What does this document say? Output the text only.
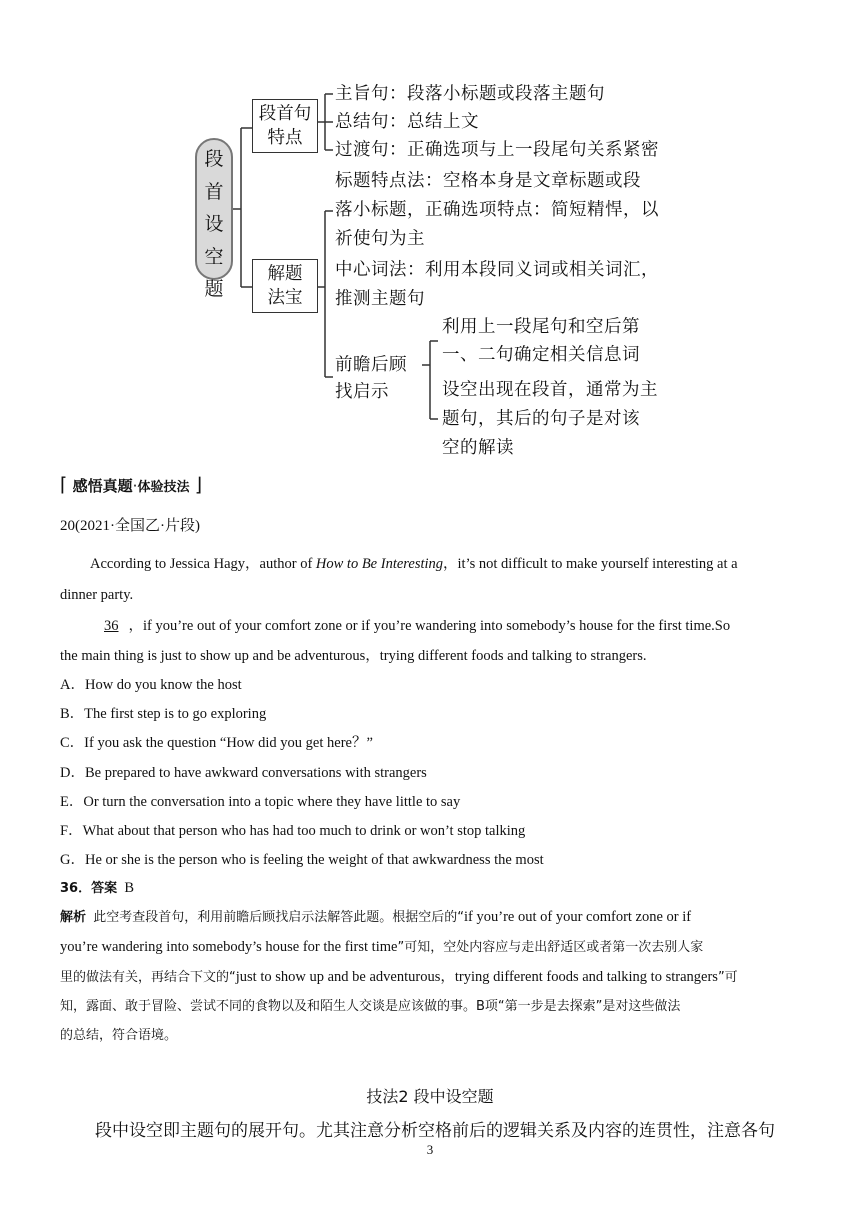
段
首
设
空
题
段首句
特点
主旨句：段落小标题或段落主题句
总结句：总结上文
过渡句：正确选项与上一段尾句关系紧密
解题
法宝
标题特点法：空格本身是文章标题或段
落小标题，正确选项特点：简短精悍，以
祈使句为主
中心词法：利用本段同义词或相关词汇，
推测主题句
前瞻后顾
找启示
利用上一段尾句和空后第
一、二句确定相关信息词
设空出现在段首，通常为主
题句，其后的句子是对该
空的解读
⌈ 感悟真题·体验技法 ⌋
20(2021·全国乙·片段)
According to Jessica Hagy，author of How to Be Interesting，it’s not difficult to make yourself interesting at a
dinner party.
36 ，if you’re out of your comfort zone or if you’re wandering into somebody’s house for the first time.So
the main thing is just to show up and be adventurous，trying different foods and talking to strangers.
A．How do you know the host
B．The first step is to go exploring
C．If you ask the question “How did you get here？”
D．Be prepared to have awkward conversations with strangers
E．Or turn the conversation into a topic where they have little to say
F．What about that person who has had too much to drink or won’t stop talking
G．He or she is the person who is feeling the weight of that awkwardness the most
36．答案 B
解析 此空考查段首句，利用前瞻后顾找启示法解答此题。根据空后的“if you’re out of your comfort zone or if
you’re wandering into somebody’s house for the first time”可知，空处内容应与走出舒适区或者第一次去别人家
里的做法有关，再结合下文的“just to show up and be adventurous，trying different foods and talking to strangers”可
知，露面、敢于冒险、尝试不同的食物以及和陌生人交谈是应该做的事。B项“第一步是去探索”是对这些做法
的总结，符合语境。
技法2 段中设空题
段中设空即主题句的展开句。尤其注意分析空格前后的逻辑关系及内容的连贯性，注意各句
3
